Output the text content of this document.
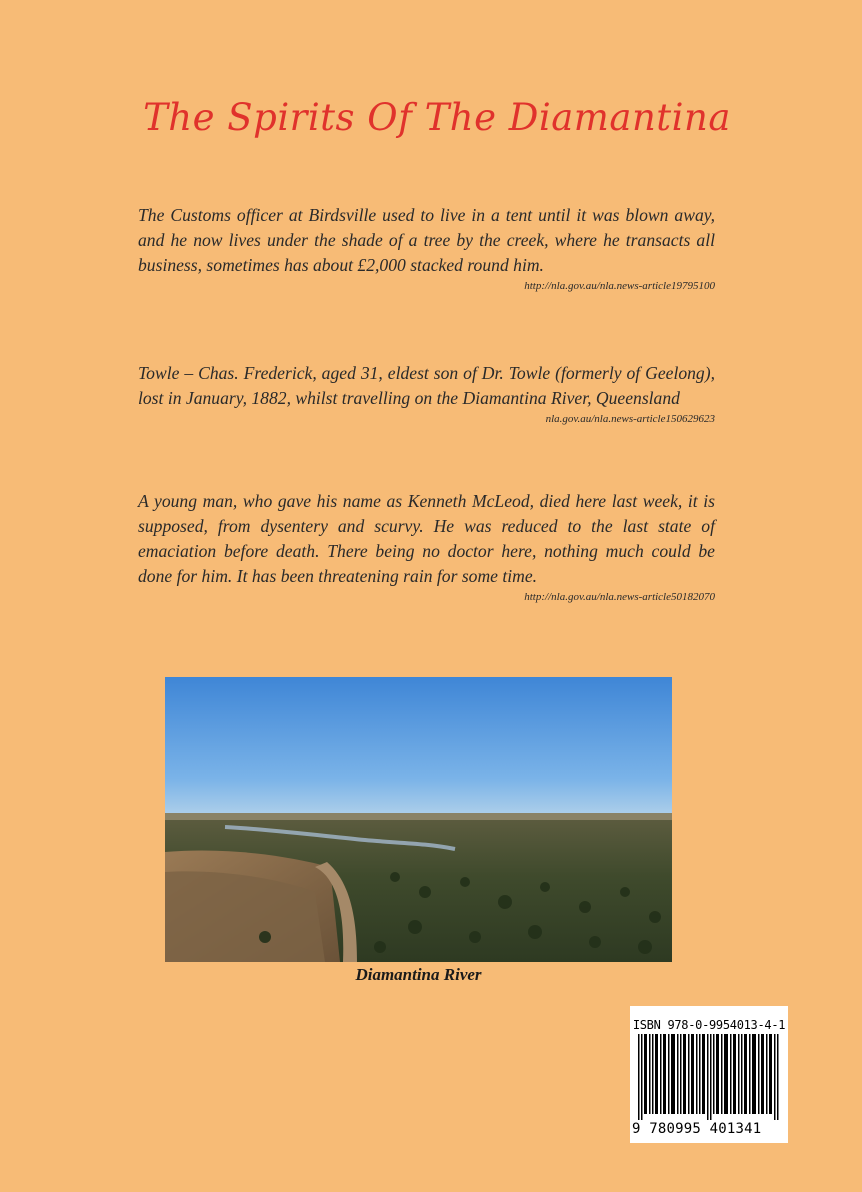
The Spirits Of The Diamantina
The Customs officer at Birdsville used to live in a tent until it was blown away, and he now lives under the shade of a tree by the creek, where he transacts all business, sometimes has about £2,000 stacked round him.
http://nla.gov.au/nla.news-article19795100
Towle – Chas. Frederick, aged 31, eldest son of Dr. Towle (formerly of Geelong), lost in January, 1882, whilst travelling on the Diamantina River, Queensland
nla.gov.au/nla.news-article150629623
A young man, who gave his name as Kenneth McLeod, died here last week, it is supposed, from dysentery and scurvy. He was reduced to the last state of emaciation before death. There being no doctor here, nothing much could be done for him. It has been threatening rain for some time.
http://nla.gov.au/nla.news-article50182070
Diamantina River
ISBN 978-0-9954013-4-1
9 780995 401341
